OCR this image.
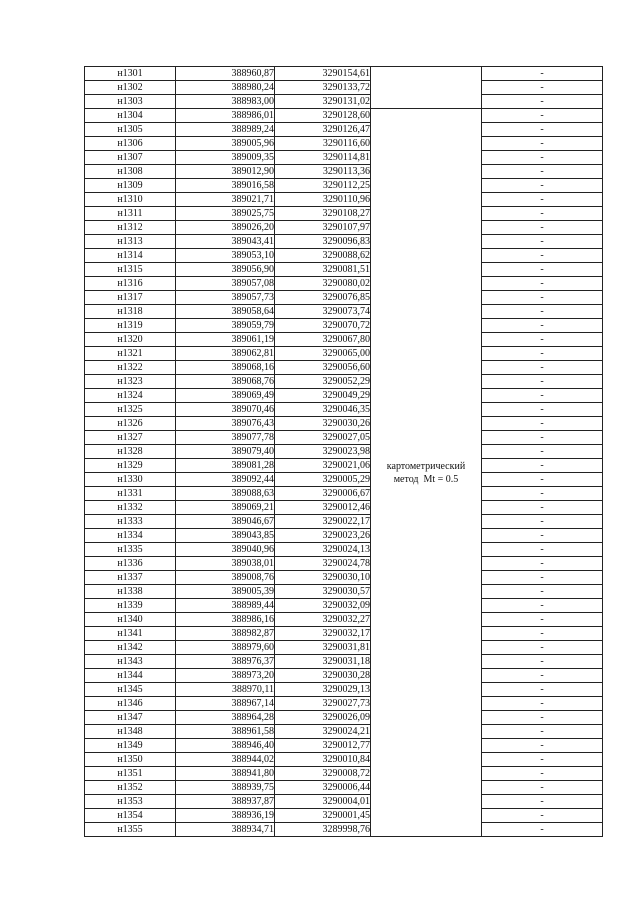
н1301	388960,87	3290154,61		-
н1302	388980,24	3290133,72		-
н1303	388983,00	3290131,02		-
н1304	388986,01	3290128,60	картометрический
метод  Mt = 0.5	-
н1305	388989,24	3290126,47		-
н1306	389005,96	3290116,60		-
н1307	389009,35	3290114,81		-
н1308	389012,90	3290113,36		-
н1309	389016,58	3290112,25		-
н1310	389021,71	3290110,96		-
н1311	389025,75	3290108,27		-
н1312	389026,20	3290107,97		-
н1313	389043,41	3290096,83		-
н1314	389053,10	3290088,62		-
н1315	389056,90	3290081,51		-
н1316	389057,08	3290080,02		-
н1317	389057,73	3290076,85		-
н1318	389058,64	3290073,74		-
н1319	389059,79	3290070,72		-
н1320	389061,19	3290067,80		-
н1321	389062,81	3290065,00		-
н1322	389068,16	3290056,60		-
н1323	389068,76	3290052,29		-
н1324	389069,49	3290049,29		-
н1325	389070,46	3290046,35		-
н1326	389076,43	3290030,26		-
н1327	389077,78	3290027,05		-
н1328	389079,40	3290023,98		-
н1329	389081,28	3290021,06		-
н1330	389092,44	3290005,29		-
н1331	389088,63	3290006,67		-
н1332	389069,21	3290012,46		-
н1333	389046,67	3290022,17		-
н1334	389043,85	3290023,26		-
н1335	389040,96	3290024,13		-
н1336	389038,01	3290024,78		-
н1337	389008,76	3290030,10		-
н1338	389005,39	3290030,57		-
н1339	388989,44	3290032,09		-
н1340	388986,16	3290032,27		-
н1341	388982,87	3290032,17		-
н1342	388979,60	3290031,81		-
н1343	388976,37	3290031,18		-
н1344	388973,20	3290030,28		-
н1345	388970,11	3290029,13		-
н1346	388967,14	3290027,73		-
н1347	388964,28	3290026,09		-
н1348	388961,58	3290024,21		-
н1349	388946,40	3290012,77		-
н1350	388944,02	3290010,84		-
н1351	388941,80	3290008,72		-
н1352	388939,75	3290006,44		-
н1353	388937,87	3290004,01		-
н1354	388936,19	3290001,45		-
н1355	388934,71	3289998,76		-
